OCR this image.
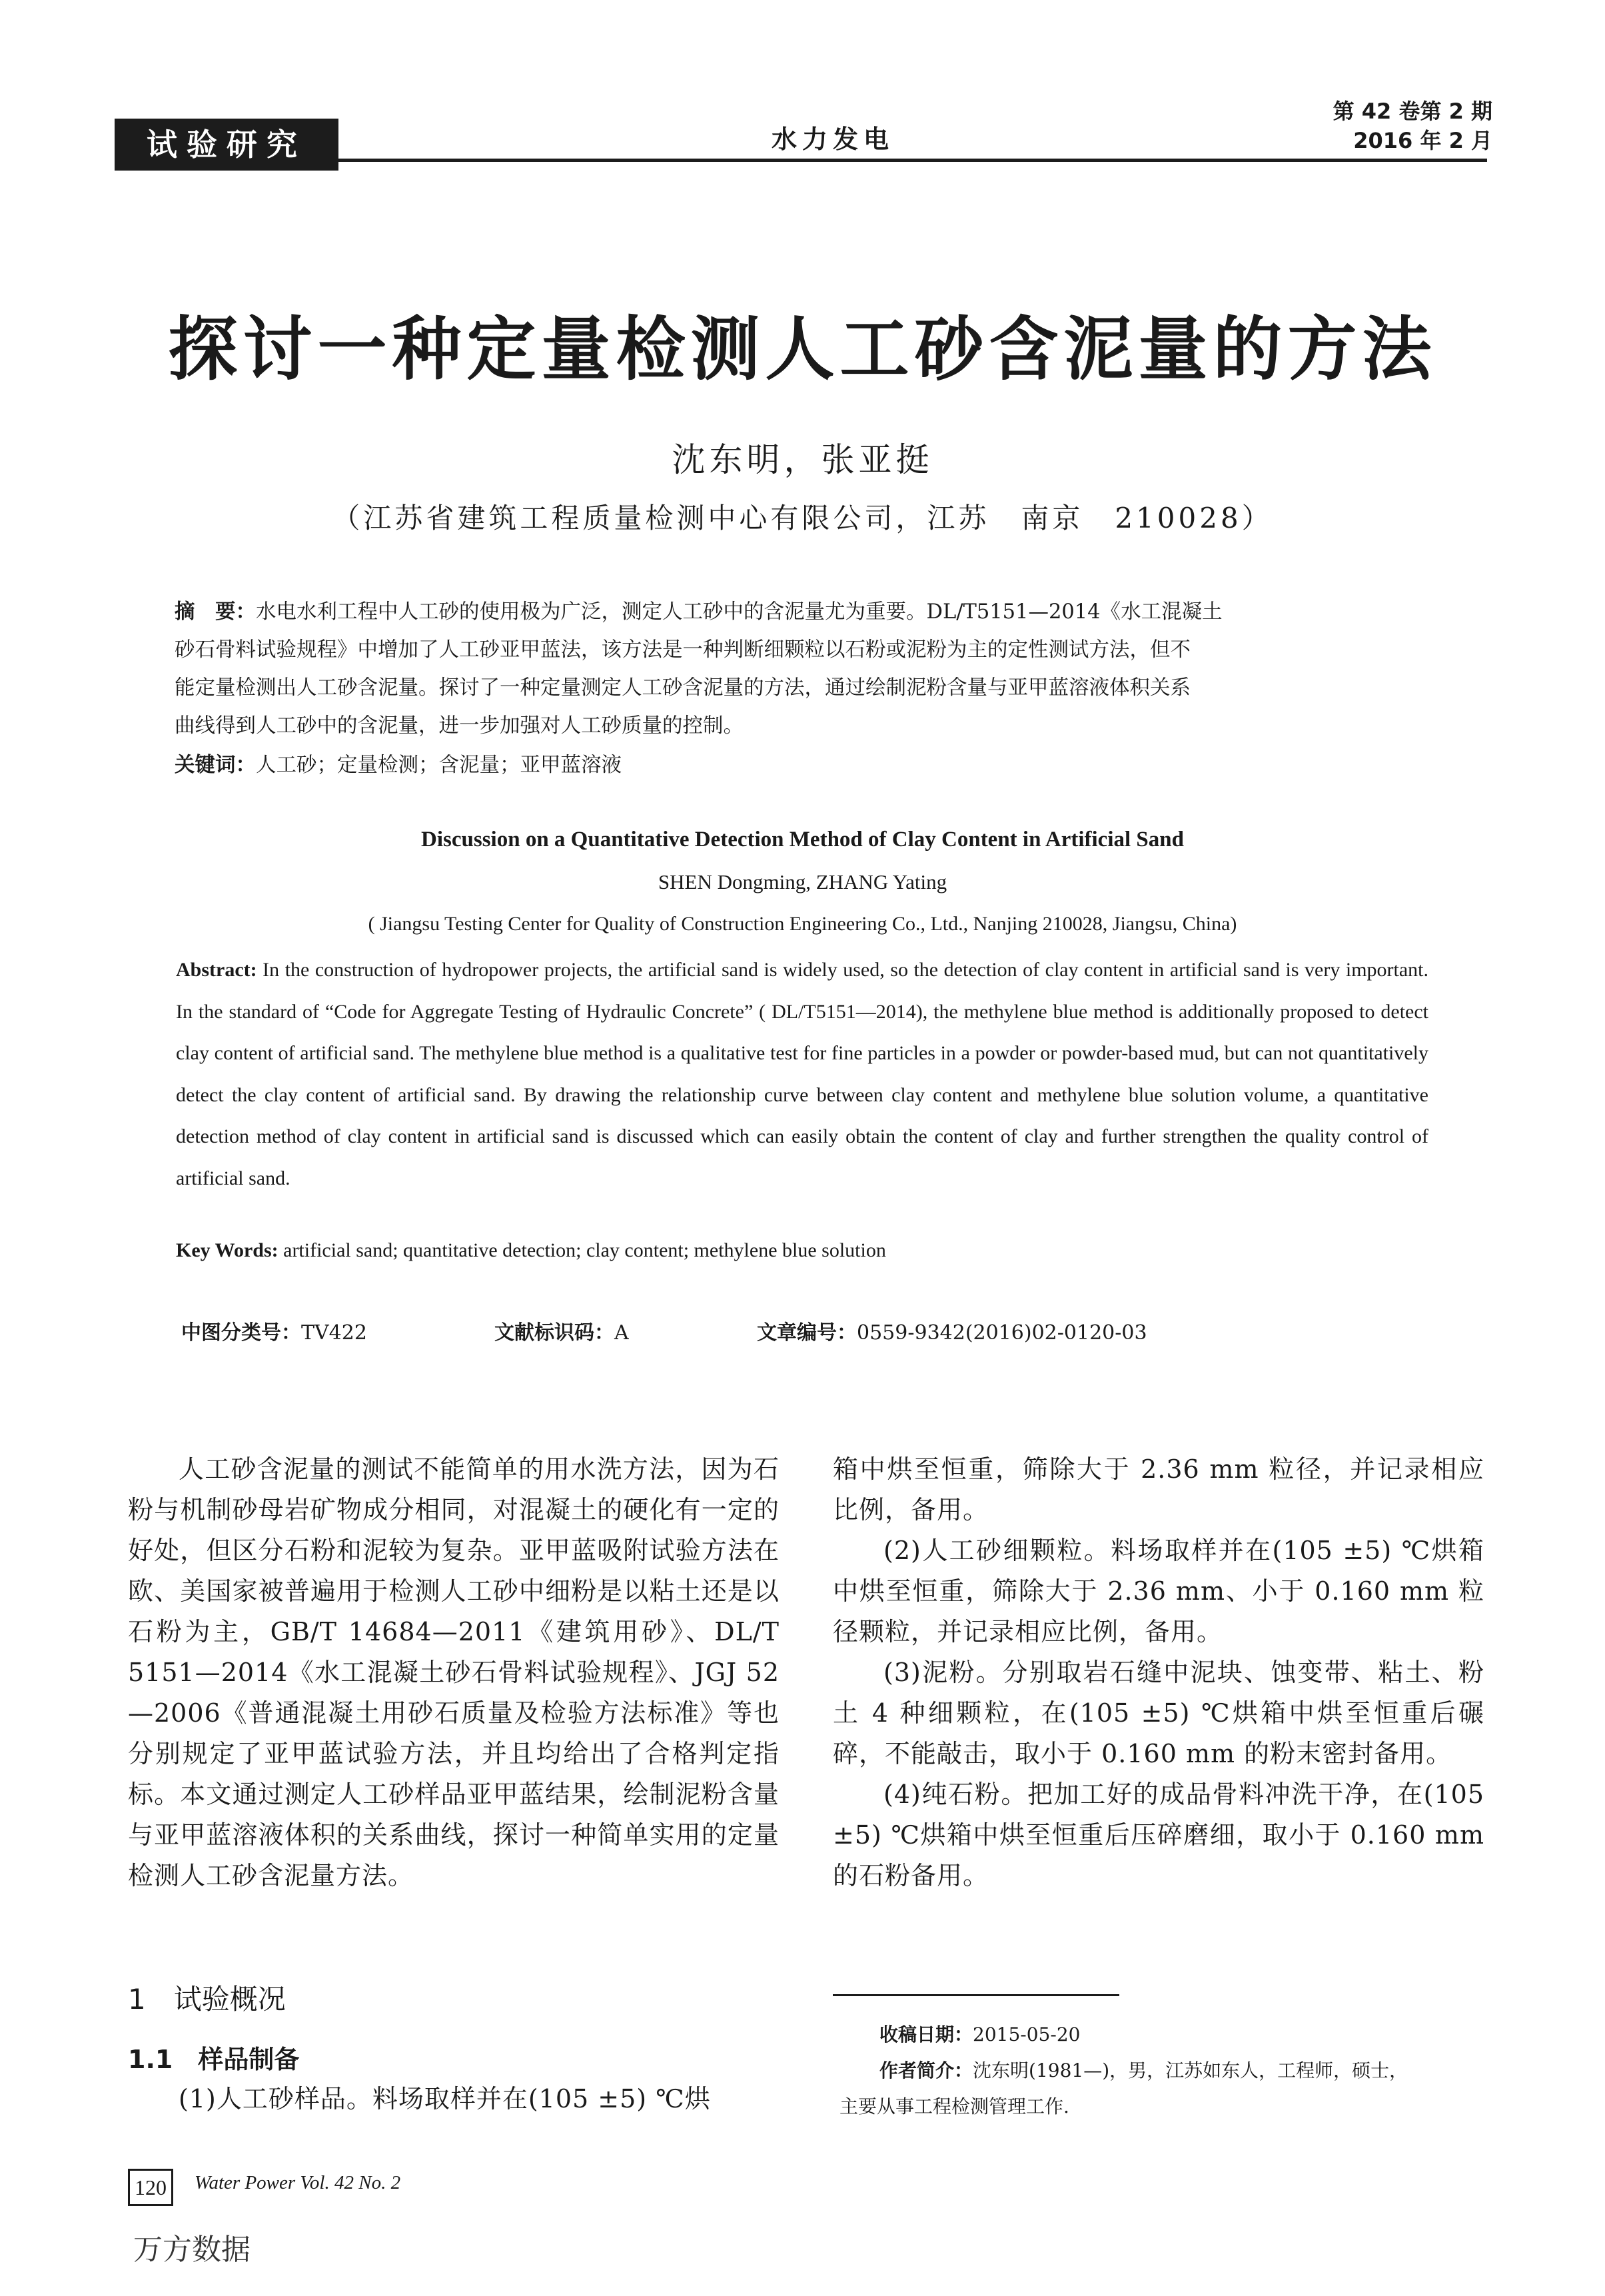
试验研究	水力发电
第 42 卷第 2 期
2016 年 2 月
探讨一种定量检测人工砂含泥量的方法
沈东明，张亚挺
（江苏省建筑工程质量检测中心有限公司，江苏　南京　210028）
摘　要：水电水利工程中人工砂的使用极为广泛，测定人工砂中的含泥量尤为重要。DL/T5151—2014《水工混凝土
砂石骨料试验规程》中增加了人工砂亚甲蓝法，该方法是一种判断细颗粒以石粉或泥粉为主的定性测试方法，但不
能定量检测出人工砂含泥量。探讨了一种定量测定人工砂含泥量的方法，通过绘制泥粉含量与亚甲蓝溶液体积关系
曲线得到人工砂中的含泥量，进一步加强对人工砂质量的控制。
关键词：人工砂；定量检测；含泥量；亚甲蓝溶液
Discussion on a Quantitative Detection Method of Clay Content in Artificial Sand
SHEN Dongming, ZHANG Yating
( Jiangsu Testing Center for Quality of Construction Engineering Co., Ltd., Nanjing 210028, Jiangsu, China)
Abstract: In the construction of hydropower projects, the artificial sand is widely used, so the detection of clay content in artificial sand is very important. In the standard of “Code for Aggregate Testing of Hydraulic Concrete” ( DL/T5151—2014), the methylene blue method is additionally proposed to detect clay content of artificial sand. The methylene blue method is a qualitative test for fine particles in a powder or powder-based mud, but can not quantitatively detect the clay content of artificial sand. By drawing the relationship curve between clay content and methylene blue solution volume, a quantitative detection method of clay content in artificial sand is discussed which can easily obtain the content of clay and further strengthen the quality control of artificial sand.
Key Words: artificial sand; quantitative detection; clay content; methylene blue solution
中图分类号：TV422	文献标识码：A	文章编号：0559-9342(2016)02-0120-03

人工砂含泥量的测试不能简单的用水洗方法，因为石粉与机制砂母岩矿物成分相同，对混凝土的硬化有一定的好处，但区分石粉和泥较为复杂。亚甲蓝吸附试验方法在欧、美国家被普遍用于检测人工砂中细粉是以粘土还是以石粉为主，GB/T 14684—2011《建筑用砂》、DL/T 5151—2014《水工混凝土砂石骨料试验规程》、JGJ 52—2006《普通混凝土用砂石质量及检验方法标准》等也分别规定了亚甲蓝试验方法，并且均给出了合格判定指标。本文通过测定人工砂样品亚甲蓝结果，绘制泥粉含量与亚甲蓝溶液体积的关系曲线，探讨一种简单实用的定量检测人工砂含泥量方法。

1　试验概况
1.1　样品制备

(1)人工砂样品。料场取样并在(105 ±5) ℃烘

箱中烘至恒重，筛除大于 2.36 mm 粒径，并记录相应比例，备用。

(2)人工砂细颗粒。料场取样并在(105 ±5) ℃烘箱中烘至恒重，筛除大于 2.36 mm、小于 0.160 mm 粒径颗粒，并记录相应比例，备用。

(3)泥粉。分别取岩石缝中泥块、蚀变带、粘土、粉土 4 种细颗粒，在(105 ±5) ℃烘箱中烘至恒重后碾碎，不能敲击，取小于 0.160 mm 的粉末密封备用。

(4)纯石粉。把加工好的成品骨料冲洗干净，在(105 ±5) ℃烘箱中烘至恒重后压碎磨细，取小于 0.160 mm 的石粉备用。

收稿日期：2015-05-20
作者简介：沈东明(1981—)，男，江苏如东人，工程师，硕士，
主要从事工程检测管理工作.
120	Water Power Vol. 42 No. 2
万方数据
